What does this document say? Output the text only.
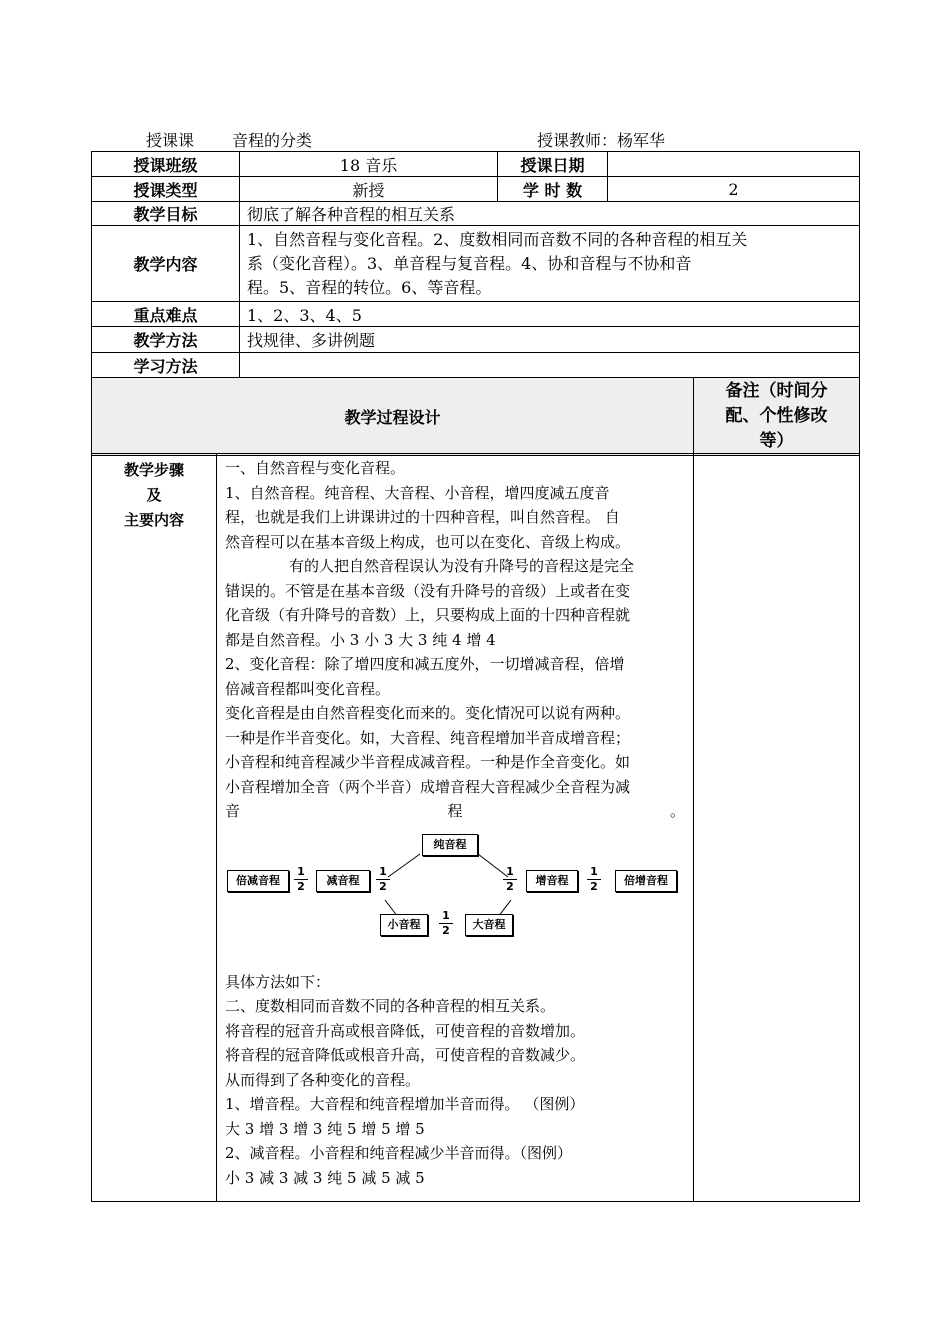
授课课 音程的分类	授课教师：杨军华
授课班级	18 音乐	授课日期	
授课类型	新授	学 时 数	2
教学目标	彻底了解各种音程的相互关系		
教学内容	1、自然音程与变化音程。2、度数相同而音数不同的各种音程的相互关
系（变化音程）。3、单音程与复音程。4、协和音程与不协和音
程。5、音程的转位。6、等音程。		

重点难点	1、2、3、4、5		
教学方法	找规律、多讲例题		
学习方法			
教学过程设计	
备注（时间分
配、个性修改
等）
教学步骤
及
主要内容

一、自然音程与变化音程。

1、自然音程。纯音程、大音程、小音程，增四度减五度音

程，也就是我们上讲课讲过的十四种音程，叫自然音程。 自

然音程可以在基本音级上构成，也可以在变化、音级上构成。

有的人把自然音程误认为没有升降号的音程这是完全

错误的。不管是在基本音级（没有升降号的音级）上或者在变

化音级（有升降号的音数）上，只要构成上面的十四种音程就

都是自然音程。小 3 小 3 大 3 纯 4 增 4

2、变化音程：除了增四度和减五度外，一切增减音程，倍增

倍减音程都叫变化音程。

变化音程是由自然音程变化而来的。变化情况可以说有两种。

一种是作半音变化。如，大音程、纯音程增加半音成增音程；

小音程和纯音程减少半音程成减音程。一种是作全音变化。如

小音程增加全音（两个半音）成增音程大音程减少全音程为减

音	程	。

纯音程
倍减音程
1
2	减音程
1
2
1
2	增音程
1
2	倍增音程
小音程
1
2	大音程

具体方法如下：

二、度数相同而音数不同的各种音程的相互关系。

将音程的冠音升高或根音降低，可使音程的音数增加。

将音程的冠音降低或根音升高，可使音程的音数减少。

从而得到了各种变化的音程。

1、增音程。大音程和纯音程增加半音而得。 （图例）

大 3 增 3 增 3 纯 5 增 5 增 5

2、减音程。小音程和纯音程减少半音而得。（图例）

小 3 减 3 减 3 纯 5 减 5 减 5
